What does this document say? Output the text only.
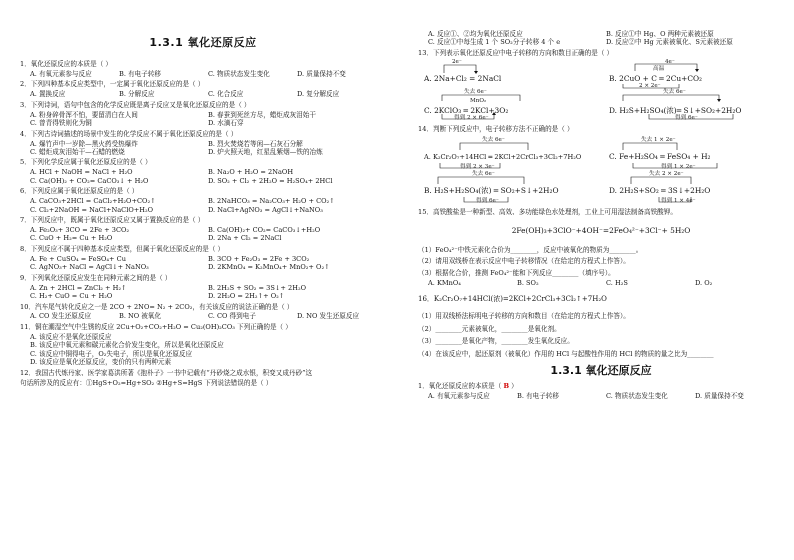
1.3.1 氧化还原反应
1．氧化还原反应的本质是（ ）
A. 有氧元素参与反应	B. 有电子转移	C. 物质状态发生变化	D. 质量保持不变
2．下列四种基本反应类型中，一定属于氧化还原反应的是（ ）
A. 置换反应	B. 分解反应	C. 化合反应	D. 复分解反应
3．下列诗词，语句中包含的化学反应既是离子反应又是氧化还原反应的是（ ）
A. 粉身碎骨浑不怕，要留清白在人间	B. 春蚕到死丝方尽，蜡炬成灰泪始干
C. 曾青得铁则化为铜	D. 水滴石穿
4．下列古诗词描述的场景中发生的化学反应不属于氧化还原反应的是（ ）
A. 爆竹声中一岁除—黑火药受热爆炸	B. 烈火焚烧若等闲—石灰石分解
C. 蜡炬成灰泪始干—石蜡的燃烧	D. 炉火照天地，红星乱紫烟—铁的冶炼
5．下列化学反应属于氧化还原反应的是（ ）
A. HCl + NaOH = NaCl + H₂O	B. Na₂O + H₂O = 2NaOH
C. Ca(OH)₂ + CO₂= CaCO₃↓ + H₂O	D. SO₂ + Cl₂ + 2H₂O = H₂SO₄+ 2HCl
6．下列反应属于氧化还原反应的是（ ）
A. CaCO₃+2HCl = CaCl₂+H₂O+CO₂↑	B. 2NaHCO₃ = Na₂CO₃+ H₂O + CO₂↑
C. Cl₂+2NaOH = NaCl+NaClO+H₂O	D. NaCl+AgNO₃ = AgCl↓+NaNO₃
7．下列反应中，既属于氧化还原反应又属于置换反应的是（ ）
A. Fe₂O₃+ 3CO = 2Fe + 3CO₂	B. Ca(OH)₂+ CO₂= CaCO₃↓+H₂O
C. CuO + H₂= Cu + H₂O	D. 2Na + Cl₂ = 2NaCl
8．下列反应不属于四种基本反应类型，但属于氧化还原反应的是（ ）
A. Fe + CuSO₄ = FeSO₄+ Cu	B. 3CO + Fe₂O₃ = 2Fe + 3CO₂
C. AgNO₃+ NaCl = AgCl↓+ NaNO₃	D. 2KMnO₄ = K₂MnO₄+ MnO₂+ O₂↑
9．下列氧化还原反应发生在同种元素之间的是（ ）
A. Zn + 2HCl = ZnCl₂ + H₂↑	B. 2H₂S + SO₂ = 3S↓+ 2H₂O
C. H₂+ CuO = Cu + H₂O	D. 2H₂O = 2H₂↑+ O₂↑
10．汽车尾气转化反应之一是 2CO + 2NO= N₂ + 2CO₂，有关该反应的说法正确的是（ ）
A. CO 发生还原反应	B. NO 被氧化	C. CO 得到电子	D. NO 发生还原反应
11．铜在潮湿空气中生锈的反应 2Cu+O₂+CO₂+H₂O = Cu₂(OH)₂CO₃ 下列正确的是（ ）
A. 该反应不是氧化还原反应
B. 该反应中氧元素和碳元素化合价发生变化，所以是氧化还原反应
C. 该反应中铜得电子，O₂失电子，所以是氧化还原反应
D. 该反应是氧化还原反应，变价的只有两种元素
12．我国古代炼丹家、医学家葛洪所著《抱朴子》一书中记载有“丹砂烧之成水银，积变又成丹砂”这
句话所涉及的反应有：①HgS+O₂=Hg+SO₂ ②Hg+S=HgS 下列说法错误的是（ ）
A. 反应①、②均为氧化还原反应	B. 反应①中 Hg、O 两种元素被还原
C. 反应①中每生成 1 个 SO₂分子转移 4 个 e	D. 反应②中 Hg 元素被氧化、S元素被还原
13．下列表示氧化还原反应中电子转移的方向和数目正确的是（ ）
2e⁻
A. 2Na+Cl₂ = 2NaCl
4e⁻
高温
B. 2CuO + C ═ 2Cu+CO₂
2 × 2e⁻
失去 6e⁻
MnO₂
C. 2KClO₃ ═ 2KCl+3O₂
得到 2 × 6e⁻
失去 6e⁻
D. H₂S+H₂SO₄(浓)═ S↓+SO₂+2H₂O
得到 6e⁻
14．判断下列反应中，电子转移方法不正确的是（ ）
失去 6e⁻
A. K₂Cr₂O₇+14HCl ═ 2KCl+2CrCl₃+3Cl₂+7H₂O
得到 2 × 3e⁻
失去 1 × 2e⁻
C. Fe+H₂SO₄ ═ FeSO₄ + H₂
得到 1 × 2e⁻
失去 6e⁻
B. H₂S+H₂SO₄(浓) ═ SO₂+S↓+2H₂O
得到 6e⁻
失去 2 × 2e⁻
D. 2H₂S+SO₂ ═ 3S↓+2H₂O
得到 1 × 4e⁻
15．高铁酸盐是一种新型、高效、多功能绿色水处理剂，工业上可用湿法制备高铁酸钾。
2Fe(OH)₃+3ClO⁻+4OH⁻=2FeO₄²⁻+3Cl⁻+ 5H₂O
（1）FeO₄²⁻中铁元素化合价为________，反应中被氧化的物质为________。
（2）请用双线桥在表示反应中电子转移情况（在给定的方程式上作答）。
（3）根据化合价，推测 FeO₄²⁻能和下列反应________（填序号）。
A. KMnO₄	B. SO₂	C. H₂S	D. O₂
16．K₂Cr₂O₇+14HCl(浓)=2KCl+2CrCl₃+3Cl₂↑+7H₂O
（1）用双线桥法标明电子转移的方向和数目（在给定的方程式上作答）。
（2）________元素被氧化，________是氧化剂。
（3）________是氧化产物，________发生氧化反应。
（4）在该反应中，起还原剂（被氧化）作用的 HCl 与起酸性作用的 HCl 的物质的量之比为________
1.3.1 氧化还原反应
1．氧化还原反应的本质是（ B ）
A. 有氧元素参与反应	B. 有电子转移	C. 物质状态发生变化	D. 质量保持不变
